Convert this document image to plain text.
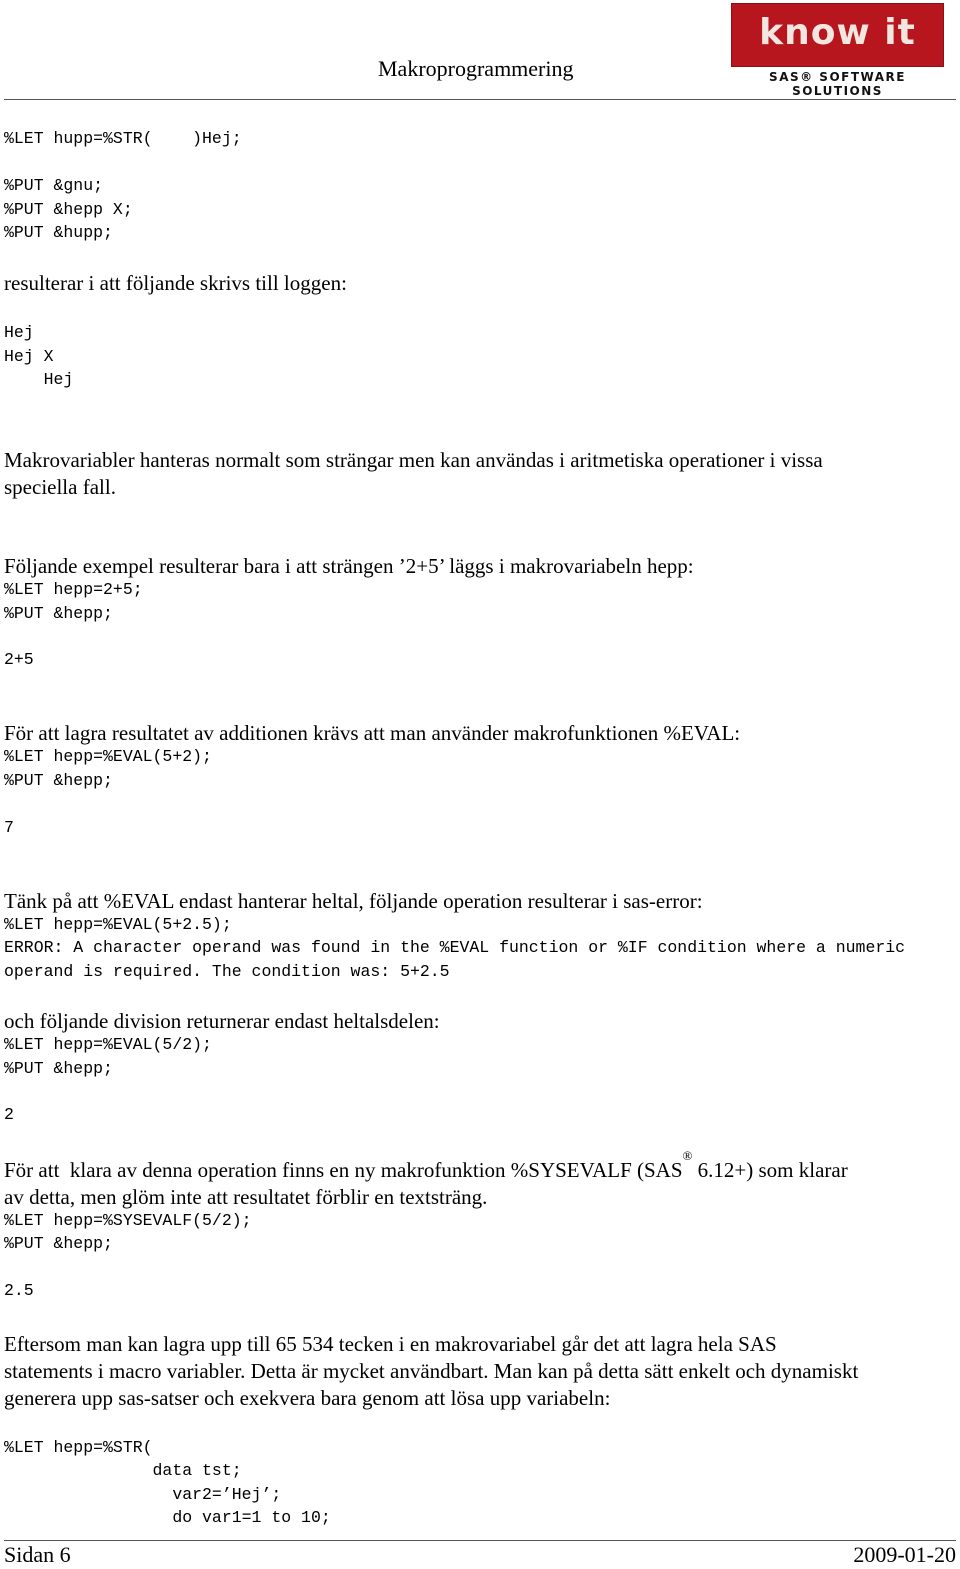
Makroprogrammering
know it
SAS® SOFTWARE SOLUTIONS
%LET hupp=%STR(    )Hej;
%PUT &gnu;
%PUT &hepp X;
%PUT &hupp;
resulterar i att följande skrivs till loggen:
Hej
Hej X
Hej
Makrovariabler hanteras normalt som strängar men kan användas i aritmetiska operationer i vissa
speciella fall.
Följande exempel resulterar bara i att strängen ’2+5’ läggs i makrovariabeln hepp:
%LET hepp=2+5;
%PUT &hepp;
2+5
För att lagra resultatet av additionen krävs att man använder makrofunktionen %EVAL:
%LET hepp=%EVAL(5+2);
%PUT &hepp;
7
Tänk på att %EVAL endast hanterar heltal, följande operation resulterar i sas-error:
%LET hepp=%EVAL(5+2.5);
ERROR: A character operand was found in the %EVAL function or %IF condition where a numeric
operand is required. The condition was: 5+2.5
och följande division returnerar endast heltalsdelen:
%LET hepp=%EVAL(5/2);
%PUT &hepp;
2
För att  klara av denna operation finns en ny makrofunktion %SYSEVALF (SAS® 6.12+) som klarar
av detta, men glöm inte att resultatet förblir en textsträng.
%LET hepp=%SYSEVALF(5/2);
%PUT &hepp;
2.5
Eftersom man kan lagra upp till 65 534 tecken i en makrovariabel går det att lagra hela SAS
statements i macro variabler. Detta är mycket användbart. Man kan på detta sätt enkelt och dynamiskt
generera upp sas-satser och exekvera bara genom att lösa upp variabeln:
%LET hepp=%STR(
data tst;
var2=’Hej’;
do var1=1 to 10;
Sidan 6	2009-01-20
